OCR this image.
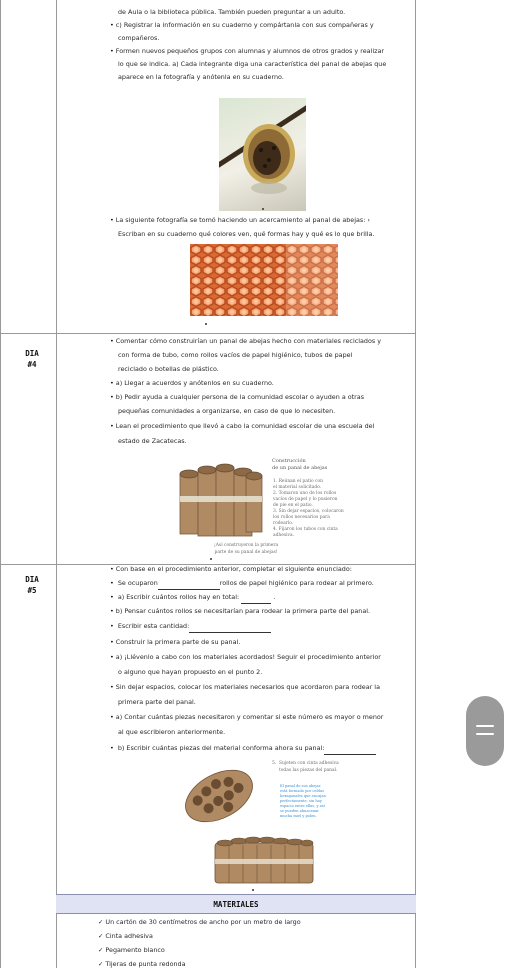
DIA
#4
DIA
#5
de Aula o la biblioteca pública. También pueden preguntar a un adulto.
• c) Registrar la información en su cuaderno y compártanla con sus compañeras y
compañeros.
• Formen nuevos pequeños grupos con alumnas y alumnos de otros grados y realizar
lo que se indica. a) Cada integrante diga una característica del panal de abejas que
aparece en la fotografía y anótenla en su cuaderno.
• La siguiente fotografía se tomó haciendo un acercamiento al panal de abejas: ›
Escriban en su cuaderno qué colores ven, qué formas hay y qué es lo que brilla.
• Comentar cómo construirían un panal de abejas hecho con materiales reciclados y
con forma de tubo, como rollos vacíos de papel higiénico, tubos de papel
reciclado o botellas de plástico.
• a) Llegar a acuerdos y anótenlos en su cuaderno.
• b) Pedir ayuda a cualquier persona de la comunidad escolar o ayuden a otras
pequeñas comunidades a organizarse, en caso de que lo necesiten.
• Lean el procedimiento que llevó a cabo la comunidad escolar de una escuela del
estado de Zacatecas.
Construcción
de un panal de abejas
1. Reúnan el patio con
el material solicitado.
2. Tomaron uno de los rollos
vacíos de papel y lo pusieron
de pie en el patio.
3. Sin dejar espacios, colocaron
los rollos necesarios para
rodearlo.
4. Fijaron los tubos con cinta
adhesiva.
¡Así construyeron la primera
parte de su panal de abejas!
• Con base en el procedimiento anterior, completar el siguiente enunciado:
• Se ocuparon	rollos de papel higiénico para rodear al primero.
• a) Escribir cuántos rollos hay en total:	.
• b) Pensar cuántos rollos se necesitarían para rodear la primera parte del panal.
• Escribir esta cantidad:
• Construir la primera parte de su panal.
• a) ¡Llévenlo a cabo con los materiales acordados! Seguir el procedimiento anterior
o alguno que hayan propuesto en el punto 2.
• Sin dejar espacios, colocar los materiales necesarios que acordaron para rodear la
primera parte del panal.
• a) Contar cuántas piezas necesitaron y comentar si este número es mayor o menor
al que escribieron anteriormente.
• b) Escribir cuántas piezas del material conforma ahora su panal:
5.  Sujeten con cinta adhesiva
todas las piezas del panal.
El panal de sus abejas
está formado por celdas
hexagonales que encajan
perfectamente, sin hay
espacio entre ellas, y así
se pueden almacenar
mucha miel y polen.
MATERIALES
✓ Un cartón de 30 centímetros de ancho por un metro de largo
✓ Cinta adhesiva
✓ Pegamento blanco
✓ Tijeras de punta redonda
